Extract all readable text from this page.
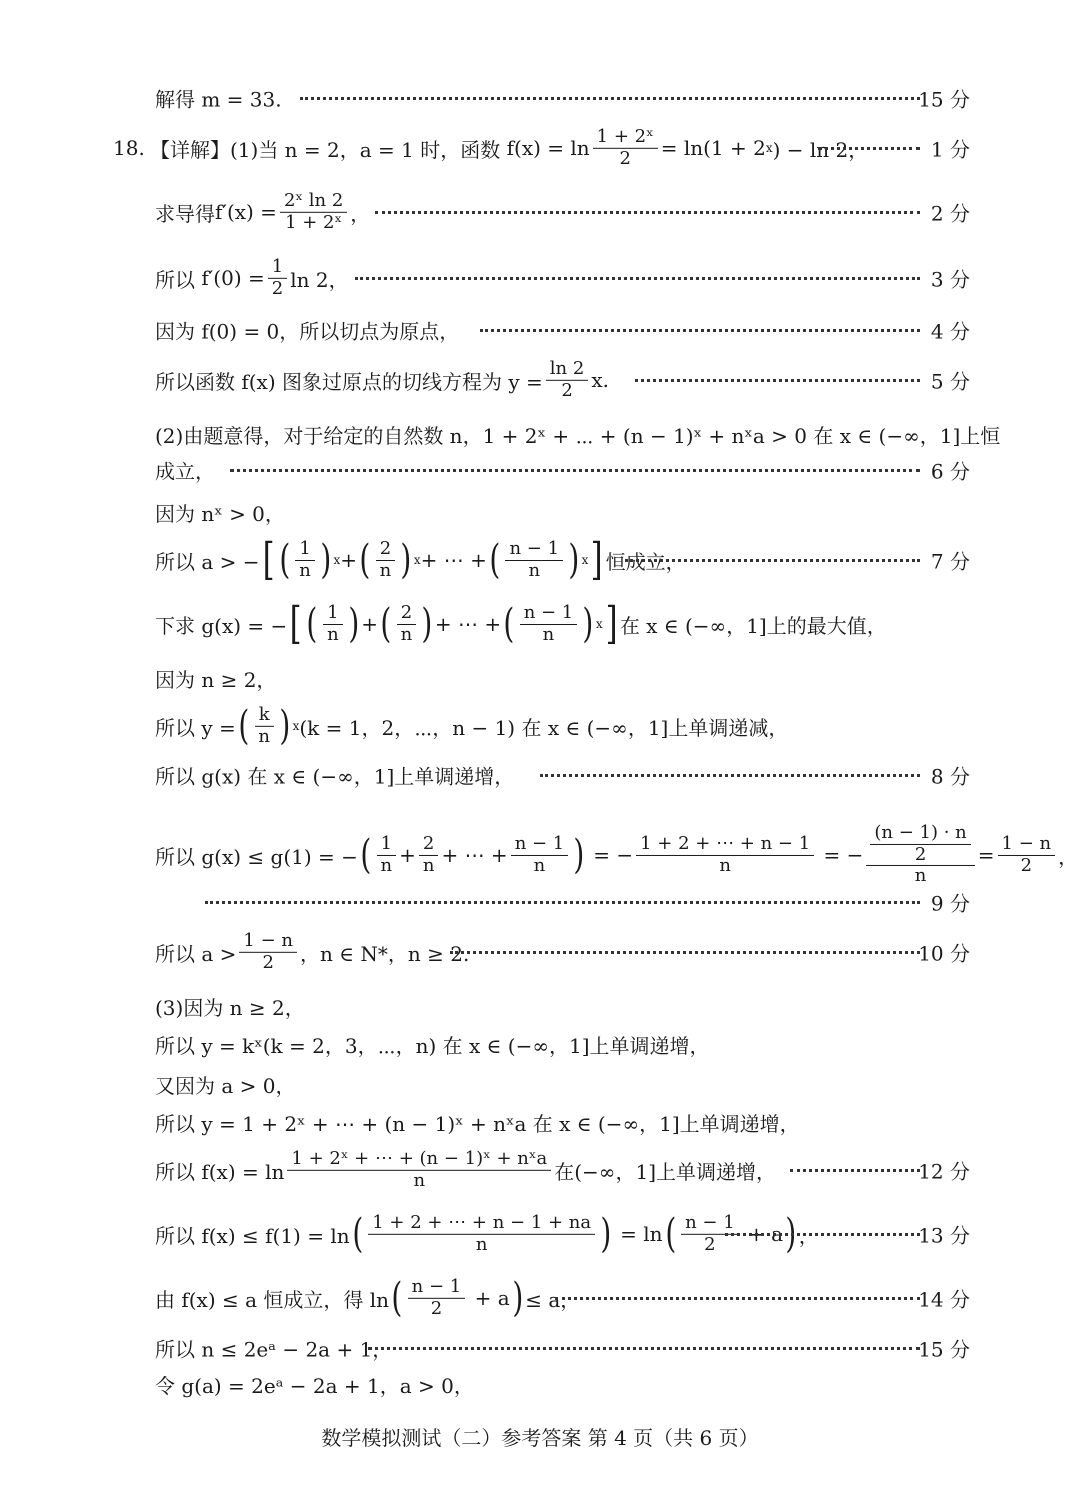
解得 m = 33.	15 分
18. 【详解】(1)当 n = 2，a = 1 时，函数
$f(x) = \ln \frac{\text{1 + 2ˣ}}{2} = \ln(1 + 2$ x ) − ln 2，	1 分
求导得 $f'(x) = \frac{\text{2ˣ ln 2}}{\text{1 + 2ˣ}}$ ，	2 分
所以
$f'(0) = \frac{1}{2}$ ln 2，	3 分
因为 f(0) = 0，所以切点为原点，	4 分
所以函数 f(x) 图象过原点的切线方程为 $y = \frac{\ln 2}{2} x$.	5 分
(2)由题意得，对于给定的自然数 n，1 + 2ˣ + ⋯ + (n − 1)ˣ + nˣa > 0 在 x ∈ (−∞，1]上恒
成立，	6 分
因为 nˣ > 0，
所以 a > − [ ( $\frac{1}{n}$ ) x + ( $\frac{2}{n}$ ) x + ⋯ + ( $\frac{n - 1}{n}$ ) x ] 恒成立，	7 分
下求 g(x) = − [ ( $\frac{1}{n}$ ) + ( $\frac{2}{n}$ ) + ⋯ + ( $\frac{n - 1}{n}$ ) x ] 在 x ∈ (−∞，1]上的最大值，
因为 n ≥ 2，
所以 y = ( $\frac{k}{n}$ ) x (k = 1，2，⋯，n − 1) 在 x ∈ (−∞，1]上单调递减，
所以 g(x) 在 x ∈ (−∞，1]上单调递增，	8 分
所以 g(x) ≤ g(1) = − ( $\frac{1}{n} + \frac{2}{n}$ + ⋯ + $\frac{n - 1}{n}$ )
= − $\frac{1 + 2 + \cdots + n - 1}{n}$
= − (n − 1) · n
2
$n = \frac{1 - n}{2}$ ，
9 分
所以 $a > \frac{1 - n}{2}$ ，n ∈ N*，n ≥ 2.	10 分
(3)因为 n ≥ 2，
所以 y = kˣ(k = 2，3，⋯，n) 在 x ∈ (−∞，1]上单调递增，
又因为 a > 0，
所以 y = 1 + 2ˣ + ⋯ + (n − 1)ˣ + nˣa 在 x ∈ (−∞，1]上单调递增，
所以 $f(x) = \ln \frac{\text{1 + 2ˣ + ⋯ + (n − 1)ˣ + nˣa}}{n}$ 在(−∞，1]上单调递增，	12 分
所以 f(x) ≤ f(1) = ln ( $\frac{1 + 2 + \cdots + n - 1 + na}{n}$ )
= ln ( $\frac{n - 1}{2}$
+ a ) ，	13 分
由 f(x) ≤ a 恒成立，得 ln ( $\frac{n - 1}{2}$
+ a ) ≤ a，	14 分
所以 n ≤ 2eᵃ − 2a + 1，	15 分
令 g(a) = 2eᵃ − 2a + 1，a > 0，
数学模拟测试（二）参考答案 第 4 页（共 6 页）
